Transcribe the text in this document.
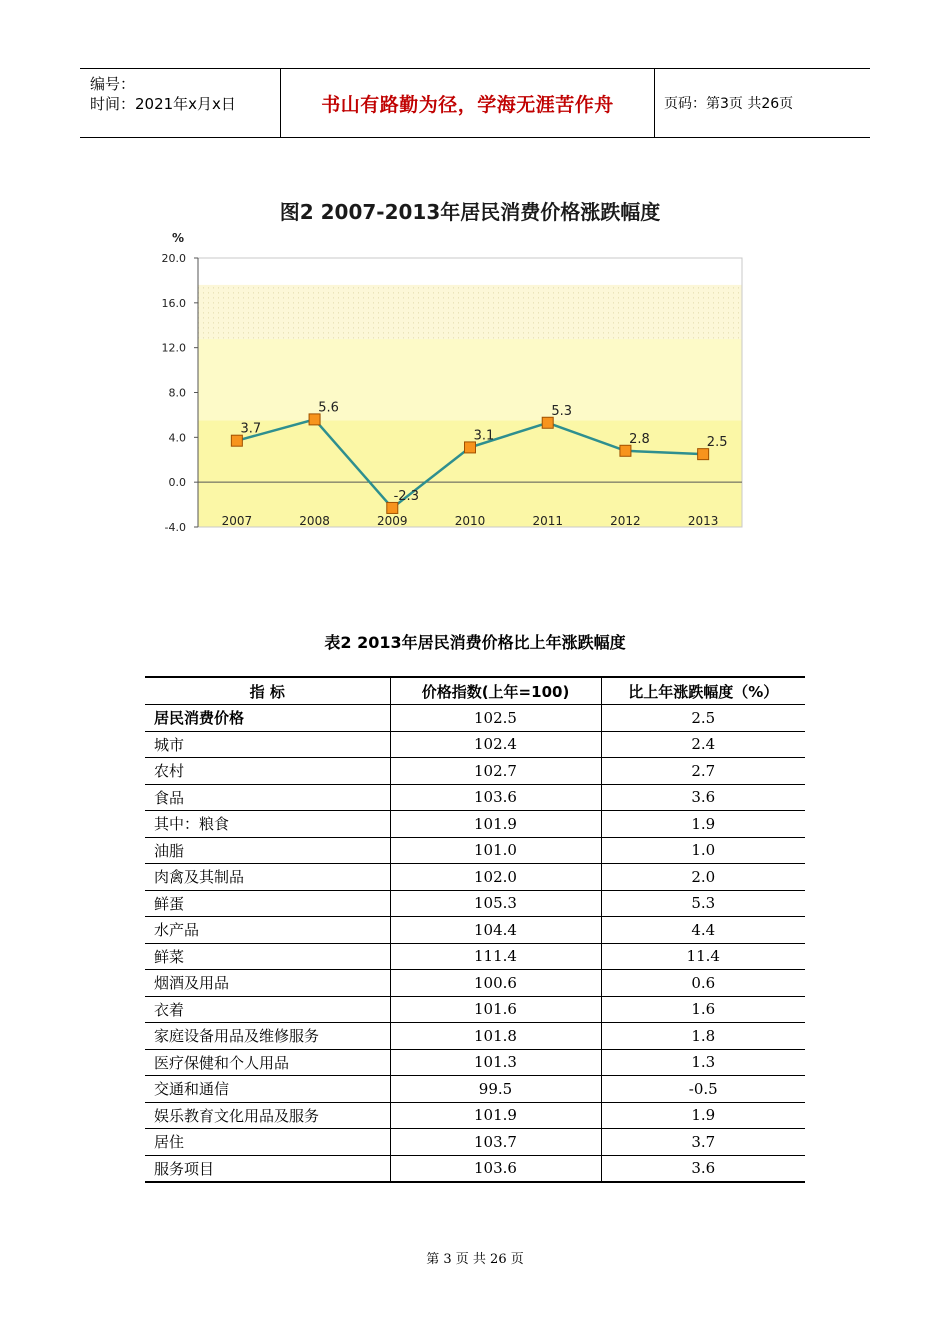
编号：
时间：2021年x月x日	书山有路勤为径，学海无涯苦作舟	页码：第3页 共26页
图2 2007-2013年居民消费价格涨跌幅度
20.0
16.0
12.0
8.0
4.0
0.0
-4.0
%
2007	2008	2009	2010	2011	2012	2013
3.7
5.6
-2.3
3.1
5.3
2.8	2.5
表2 2013年居民消费价格比上年涨跌幅度
指 标	价格指数(上年=100)	比上年涨跌幅度（%）
居民消费价格	102.5	2.5
城市	102.4	2.4
农村	102.7	2.7
食品	103.6	3.6
其中：粮食	101.9	1.9
油脂	101.0	1.0
肉禽及其制品	102.0	2.0
鲜蛋	105.3	5.3
水产品	104.4	4.4
鲜菜	111.4	11.4
烟酒及用品	100.6	0.6
衣着	101.6	1.6
家庭设备用品及维修服务	101.8	1.8
医疗保健和个人用品	101.3	1.3
交通和通信	99.5	-0.5
娱乐教育文化用品及服务	101.9	1.9
居住	103.7	3.7
服务项目	103.6	3.6
第 3 页 共 26 页
